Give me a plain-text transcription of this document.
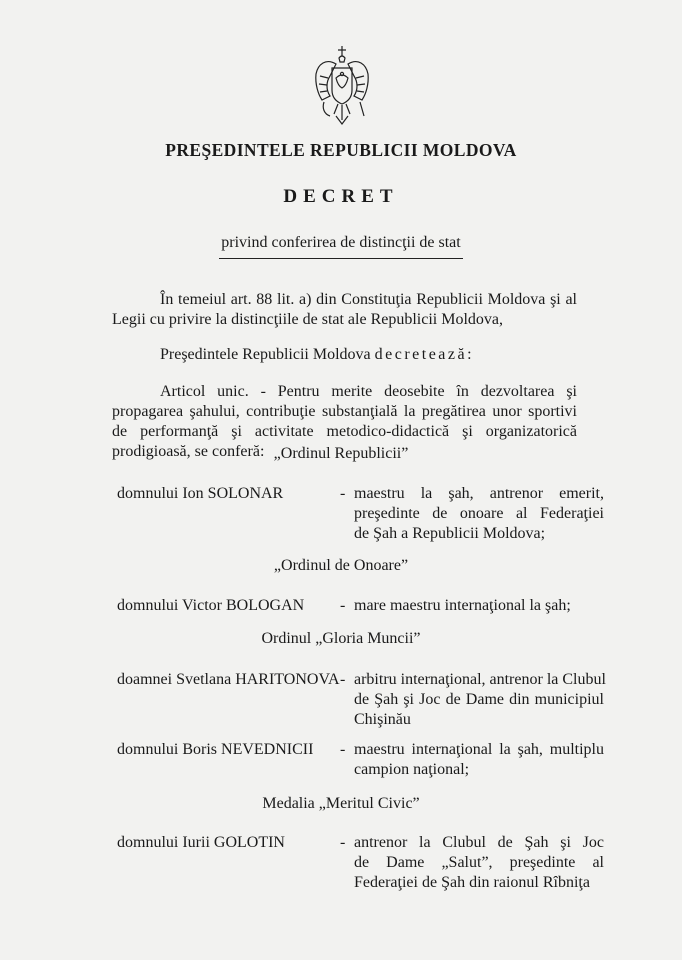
PREŞEDINTELE REPUBLICII MOLDOVA
DECRET
privind conferirea de distincţii de stat
În temeiul art. 88 lit. a) din Constituţia Republicii Moldova şi al Legii cu privire la distincţiile de stat ale Republicii Moldova,
Preşedintele Republicii Moldova decretează:
Articol unic. - Pentru merite deosebite în dezvoltarea şi propagarea şahului, contribuţie substanţială la pregătirea unor sportivi de performanţă şi activitate metodico-didactică şi organizatorică prodigioasă, se conferă: „Ordinul Republicii”
domnului Ion SOLONAR	- maestru la şah, antrenor emerit,
preşedinte de onoare al Federaţiei
de Şah a Republicii Moldova;
„Ordinul de Onoare”
domnului Victor BOLOGAN - mare maestru internaţional la şah;
Ordinul „Gloria Muncii”
doamnei Svetlana HARITONOVA - arbitru internaţional, antrenor la Clubul
de Şah şi Joc de Dame din municipiul
Chişinău
domnului Boris NEVEDNICII - maestru internaţional la şah, multiplu
campion naţional;
Medalia „Meritul Civic”
domnului Iurii GOLOTIN	- antrenor la Clubul de Şah şi Joc
de Dame „Salut”, preşedinte al
Federaţiei de Şah din raionul Rîbniţa
